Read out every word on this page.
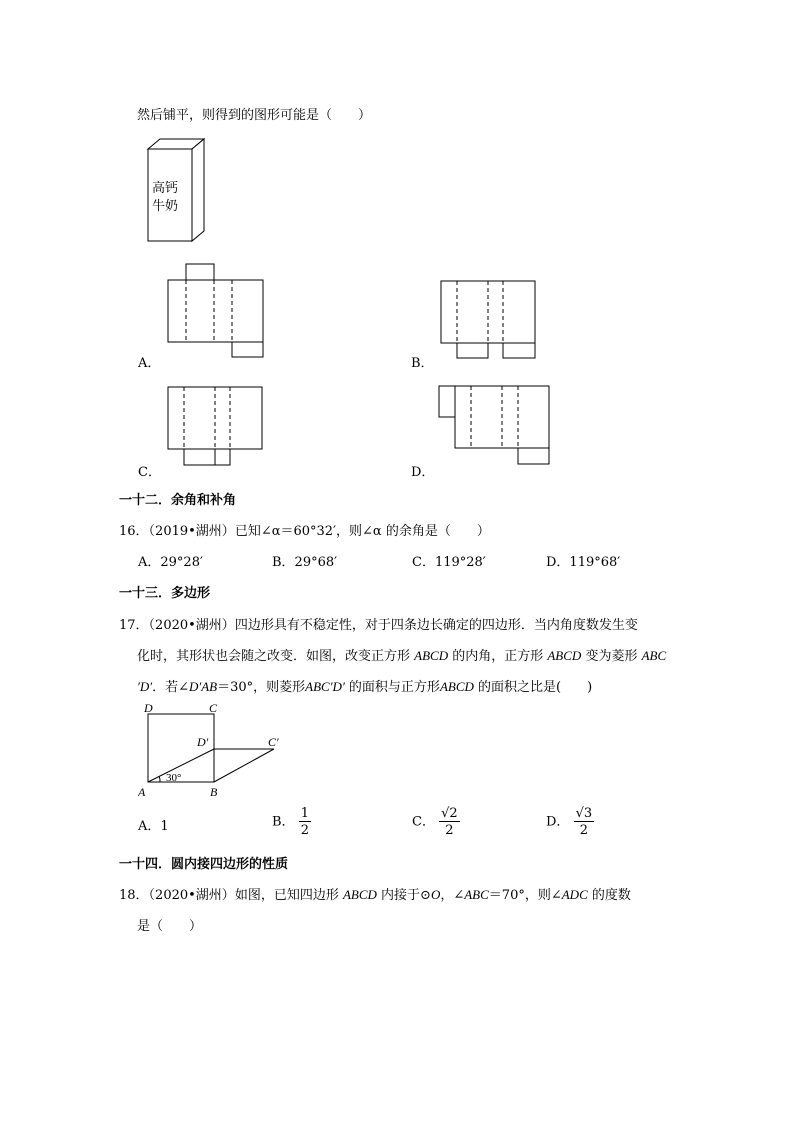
然后铺平，则得到的图形可能是（　　）
高钙
牛奶
A．	B．
C．	D．
一十二．余角和补角
16．（2019•湖州）已知∠α＝60°32′，则∠α 的余角是（　　）
A．29°28′	B．29°68′	C．119°28′	D．119°68′
一十三．多边形
17．（2020•湖州）四边形具有不稳定性，对于四条边长确定的四边形．当内角度数发生变
化时，其形状也会随之改变．如图，改变正方形 ABCD 的内角，正方形 ABCD 变为菱形 ABC
′D′．若∠D′AB＝30°，则菱形ABC′D′ 的面积与正方形ABCD 的面积之比是(　　)
D	C
D′	C′
A	B
30°
A．1	B． $\frac{1}{2}$	C． $\frac{√2}{2}$	D． $\frac{√3}{2}$
一十四．圆内接四边形的性质
18．（2020•湖州）如图，已知四边形 ABCD 内接于⊙O，∠ABC＝70°，则∠ADC 的度数
是（　　）
